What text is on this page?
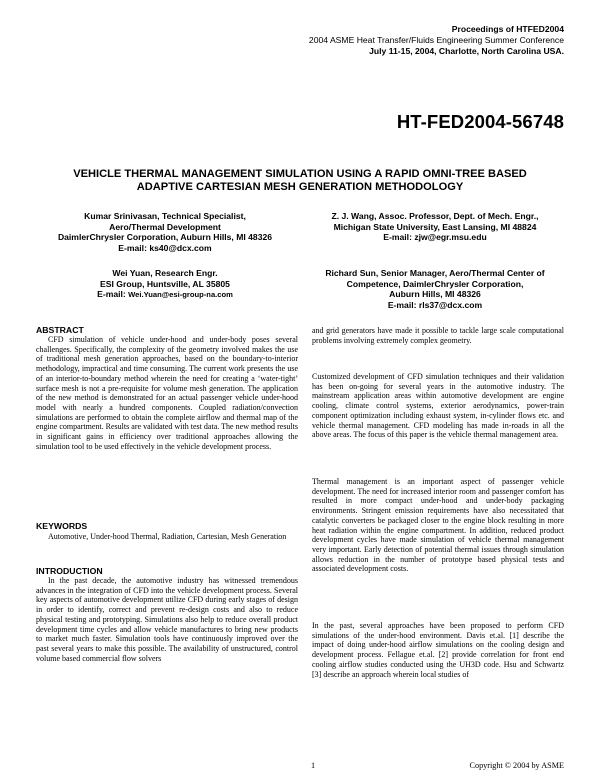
Proceedings of HTFED2004
2004 ASME Heat Transfer/Fluids Engineering Summer Conference
July 11-15, 2004, Charlotte, North Carolina USA.
HT-FED2004-56748
VEHICLE THERMAL MANAGEMENT SIMULATION USING A RAPID OMNI-TREE BASED
ADAPTIVE CARTESIAN MESH GENERATION METHODOLOGY
Kumar Srinivasan, Technical Specialist,
Aero/Thermal Development
DaimlerChrysler Corporation, Auburn Hills, MI 48326
E-mail: ks40@dcx.com
Z. J. Wang, Assoc. Professor, Dept. of Mech. Engr.,
Michigan State University, East Lansing, MI 48824
E-mail: zjw@egr.msu.edu
Wei Yuan, Research Engr.
ESI Group, Huntsville, AL 35805
E-mail: Wei.Yuan@esi-group-na.com
Richard Sun, Senior Manager, Aero/Thermal Center of
Competence, DaimlerChrysler Corporation,
Auburn Hills, MI 48326
E-mail: rls37@dcx.com
ABSTRACT
CFD simulation of vehicle under-hood and under-body poses several challenges. Specifically, the complexity of the geometry involved makes the use of traditional mesh generation approaches, based on the boundary-to-interior methodology, impractical and time consuming. The current work presents the use of an interior-to-boundary method wherein the need for creating a ‘water-tight’ surface mesh is not a pre-requisite for volume mesh generation. The application of the new method is demonstrated for an actual passenger vehicle under-hood model with nearly a hundred components. Coupled radiation/convection simulations are performed to obtain the complete airflow and thermal map of the engine compartment. Results are validated with test data. The new method results in significant gains in efficiency over traditional approaches allowing the simulation tool to be used effectively in the vehicle development process.
KEYWORDS
Automotive, Under-hood Thermal, Radiation, Cartesian, Mesh Generation
INTRODUCTION
In the past decade, the automotive industry has witnessed tremendous advances in the integration of CFD into the vehicle development process. Several key aspects of automotive development utilize CFD during early stages of design in order to identify, correct and prevent re-design costs and also to reduce physical testing and prototyping. Simulations also help to reduce overall product development time cycles and allow vehicle manufactures to bring new products to market much faster. Simulation tools have continuously improved over the past several years to make this possible. The availability of unstructured, control volume based commercial flow solvers
and grid generators have made it possible to tackle large scale computational problems involving extremely complex geometry.
Customized development of CFD simulation techniques and their validation has been on-going for several years in the automotive industry. The mainstream application areas within automotive development are engine cooling, climate control systems, exterior aerodynamics, power-train component optimization including exhaust system, in-cylinder flows etc. and vehicle thermal management. CFD modeling has made in-roads in all the above areas. The focus of this paper is the vehicle thermal management area.
Thermal management is an important aspect of passenger vehicle development. The need for increased interior room and passenger comfort has resulted in more compact under-hood and under-body packaging environments. Stringent emission requirements have also necessitated that catalytic converters be packaged closer to the engine block resulting in more heat radiation within the engine compartment. In addition, reduced product development cycles have made simulation of vehicle thermal management very important. Early detection of potential thermal issues through simulation allows reduction in the number of prototype based physical tests and associated development costs.
In the past, several approaches have been proposed to perform CFD simulations of the under-hood environment. Davis et.al. [1] describe the impact of doing under-hood airflow simulations on the cooling design and development process. Fellague et.al. [2] provide correlation for front end cooling airflow studies conducted using the UH3D code. Hsu and Schwartz [3] describe an approach wherein local studies of
1	Copyright © 2004 by ASME
